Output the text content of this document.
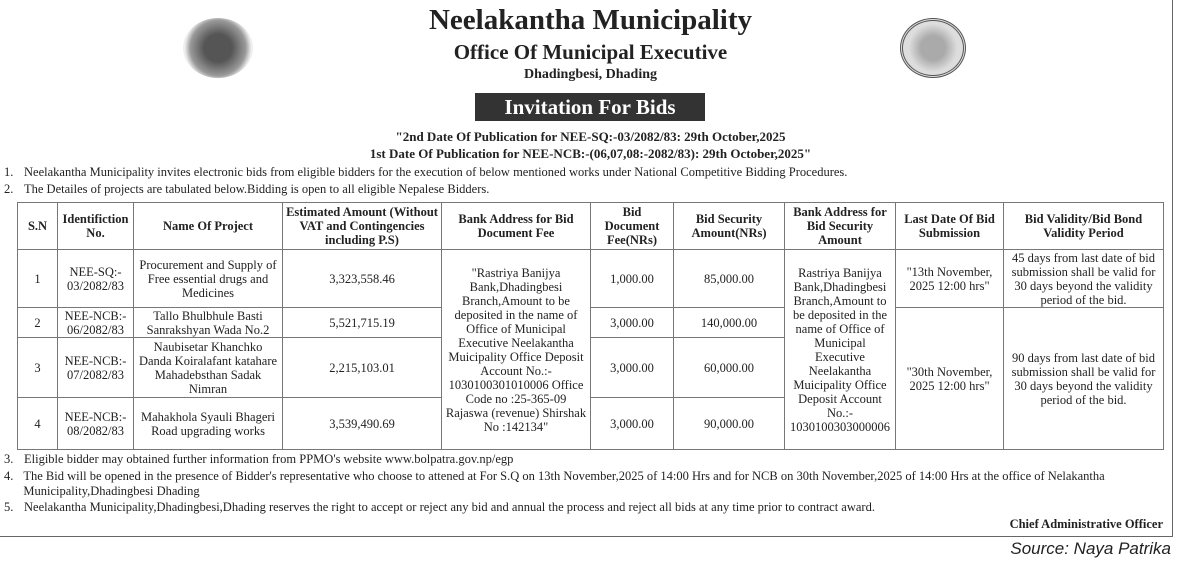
Neelakantha Municipality
Office Of Municipal Executive
Dhadingbesi, Dhading
Invitation For Bids
"2nd Date Of Publication for NEE-SQ:-03/2082/83: 29th October,2025
1st Date Of Publication for NEE-NCB:-(06,07,08:-2082/83): 29th October,2025"
1. Neelakantha Municipality invites electronic bids from eligible bidders for the execution of below mentioned works under National Competitive Bidding Procedures.
2. The Detailes of projects are tabulated below.Bidding is open to all eligible Nepalese Bidders.
S.N	Identifiction No.	Name Of Project	Estimated Amount (Without VAT and Contingencies including P.S)	Bank Address for Bid Document Fee	Bid Document Fee(NRs)	Bid Security Amount(NRs)	Bank Address for Bid Security Amount	Last Date Of Bid Submission	Bid Validity/Bid Bond Validity Period
1	NEE-SQ:- 03/2082/83	Procurement and Supply of Free essential drugs and Medicines	3,323,558.46	"Rastriya Banijya Bank,Dhadingbesi Branch,Amount to be deposited in the name of Office of Municipal Executive Neelakantha Muicipality Office Deposit Account No.:- 1030100301010006 Office Code no :25-365-09 Rajaswa (revenue) Shirshak No :142134"	1,000.00	85,000.00	Rastriya Banijya Bank,Dhadingbesi Branch,Amount to be deposited in the name of Office of Municipal Executive Neelakantha Muicipality Office Deposit Account No.:- 1030100303000006	"13th November, 2025 12:00 hrs"	45 days from last date of bid submission shall be valid for 30 days beyond the validity period of the bid.
2	NEE-NCB:- 06/2082/83	Tallo Bhulbhule Basti Sanrakshyan Wada No.2	5,521,715.19		3,000.00	140,000.00		"30th November, 2025 12:00 hrs"	90 days from last date of bid submission shall be valid for 30 days beyond the validity period of the bid.
3	NEE-NCB:- 07/2082/83	Naubisetar Khanchko Danda Koiralafant katahare Mahadebsthan Sadak Nimran	2,215,103.01		3,000.00	60,000.00			
4	NEE-NCB:- 08/2082/83	Mahakhola Syauli Bhageri Road upgrading works	3,539,490.69		3,000.00	90,000.00			
3. Eligible bidder may obtained further information from PPMO's website www.bolpatra.gov.np/egp
4. The Bid will be opened in the presence of Bidder's representative who choose to attened at For S.Q on 13th November,2025 of 14:00 Hrs and for NCB on 30th November,2025 of 14:00 Hrs at the office of Nelakantha Municipality,Dhadingbesi Dhading
5. Neelakantha Municipality,Dhadingbesi,Dhading reserves the right to accept or reject any bid and annual the process and reject all bids at any time prior to contract award.
Chief Administrative Officer
Source: Naya Patrika
